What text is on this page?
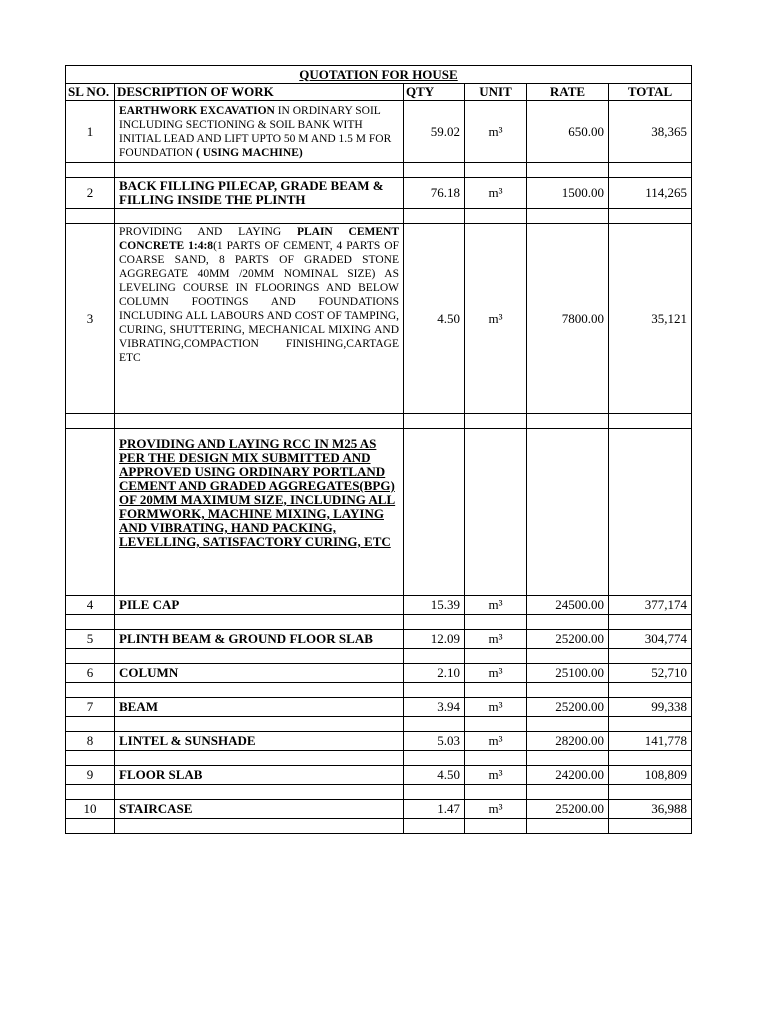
QUOTATION FOR HOUSE					
SL NO.	DESCRIPTION OF WORK	QTY	UNIT	RATE	TOTAL
1	EARTHWORK EXCAVATION IN ORDINARY SOIL INCLUDING SECTIONING & SOIL BANK WITH INITIAL LEAD AND LIFT UPTO 50 M AND 1.5 M FOR FOUNDATION ( USING MACHINE)	59.02	m³	650.00	38,365

2	BACK FILLING PILECAP, GRADE BEAM & FILLING INSIDE THE PLINTH	76.18	m³	1500.00	114,265

3	PROVIDING AND LAYING PLAIN CEMENT CONCRETE 1:4:8(1 PARTS OF CEMENT, 4 PARTS OF COARSE SAND, 8 PARTS OF GRADED STONE AGGREGATE 40MM /20MM NOMINAL SIZE) AS LEVELING COURSE IN FLOORINGS AND BELOW COLUMN FOOTINGS AND FOUNDATIONS INCLUDING ALL LABOURS AND COST OF TAMPING, CURING, SHUTTERING, MECHANICAL MIXING AND VIBRATING,COMPACTION FINISHING,CARTAGE ETC	4.50	m³	7800.00	35,121

	PROVIDING AND LAYING RCC IN M25 AS PER THE DESIGN MIX SUBMITTED AND APPROVED USING ORDINARY PORTLAND CEMENT AND GRADED AGGREGATES(BPG) OF 20MM MAXIMUM SIZE, INCLUDING ALL FORMWORK, MACHINE MIXING, LAYING AND VIBRATING, HAND PACKING, LEVELLING, SATISFACTORY CURING, ETC				
4	PILE CAP	15.39	m³	24500.00	377,174

5	PLINTH BEAM & GROUND FLOOR SLAB	12.09	m³	25200.00	304,774

6	COLUMN	2.10	m³	25100.00	52,710

7	BEAM	3.94	m³	25200.00	99,338

8	LINTEL & SUNSHADE	5.03	m³	28200.00	141,778

9	FLOOR SLAB	4.50	m³	24200.00	108,809

10	STAIRCASE	1.47	m³	25200.00	36,988
